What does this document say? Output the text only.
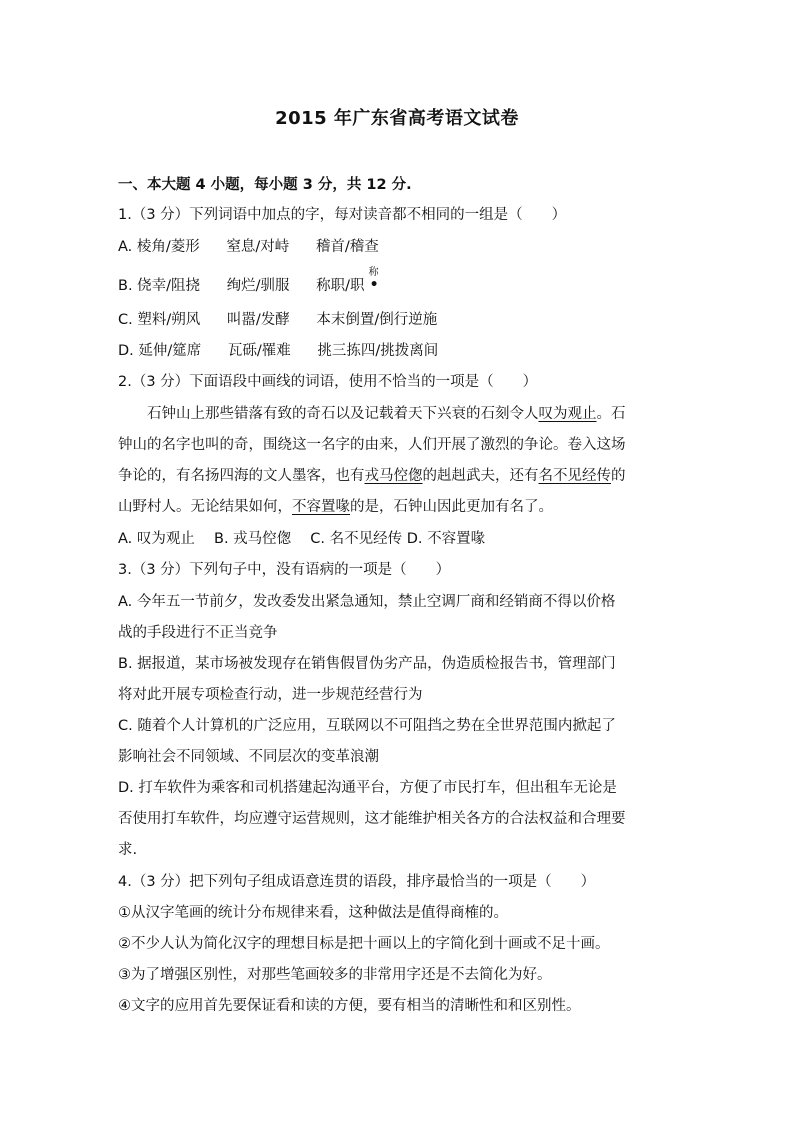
2015 年广东省高考语文试卷
一、本大题 4 小题，每小题 3 分，共 12 分.
1.（3 分）下列词语中加点的字，每对读音都不相同的一组是（　　）
A. 棱角/菱形 窒息/对峙 稽首/稽查
B. 侥幸/阻挠 绚烂/驯服 称职/职
称
•
C. 塑料/朔风 叫嚣/发酵 本末倒置/倒行逆施
D. 延伸/筵席 瓦砾/罹难 挑三拣四/挑拨离间
2.（3 分）下面语段中画线的词语，使用不恰当的一项是（　　）
　　石钟山上那些错落有致的奇石以及记载着天下兴衰的石刻令人叹为观止。石
钟山的名字也叫的奇，围绕这一名字的由来，人们开展了激烈的争论。卷入这场
争论的，有名扬四海的文人墨客，也有戎马倥偬的赳赳武夫，还有名不见经传的
山野村人。无论结果如何，不容置喙的是，石钟山因此更加有名了。
A. 叹为观止　 B. 戎马倥偬　 C. 名不见经传 D. 不容置喙
3.（3 分）下列句子中，没有语病的一项是（　　）
A. 今年五一节前夕，发改委发出紧急通知，禁止空调厂商和经销商不得以价格
战的手段进行不正当竞争
B. 据报道，某市场被发现存在销售假冒伪劣产品，伪造质检报告书，管理部门
将对此开展专项检查行动，进一步规范经营行为
C. 随着个人计算机的广泛应用，互联网以不可阻挡之势在全世界范围内掀起了
影响社会不同领域、不同层次的变革浪潮
D. 打车软件为乘客和司机搭建起沟通平台，方便了市民打车，但出租车无论是
否使用打车软件，均应遵守运营规则，这才能维护相关各方的合法权益和合理要
求.
4.（3 分）把下列句子组成语意连贯的语段，排序最恰当的一项是（　　）
①从汉字笔画的统计分布规律来看，这种做法是值得商榷的。
②不少人认为简化汉字的理想目标是把十画以上的字简化到十画或不足十画。
③为了增强区别性，对那些笔画较多的非常用字还是不去简化为好。
④文字的应用首先要保证看和读的方便，要有相当的清晰性和和区别性。
